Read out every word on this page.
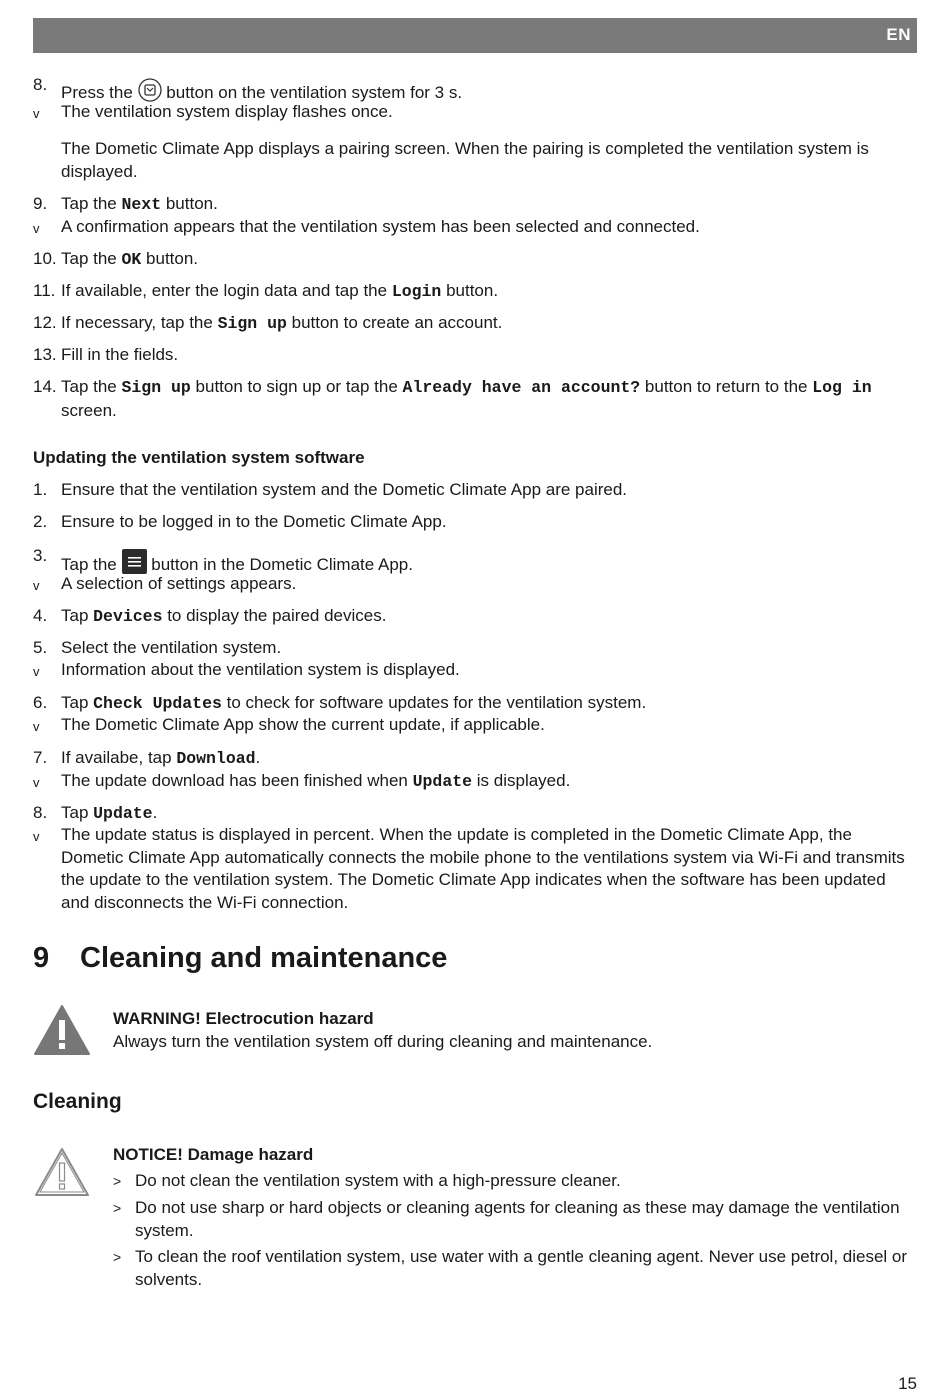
EN
8. Press the button on the ventilation system for 3 s.
v The ventilation system display flashes once.
The Dometic Climate App displays a pairing screen. When the pairing is completed the ventilation system is displayed.
9. Tap the Next button.
v A confirmation appears that the ventilation system has been selected and connected.
10. Tap the OK button.
11. If available, enter the login data and tap the Login button.
12. If necessary, tap the Sign up button to create an account.
13. Fill in the fields.
14. Tap the Sign up button to sign up or tap the Already have an account? button to return to the Log in screen.
Updating the ventilation system software
1. Ensure that the ventilation system and the Dometic Climate App are paired.
2. Ensure to be logged in to the Dometic Climate App.
3. Tap the button in the Dometic Climate App.
v A selection of settings appears.
4. Tap Devices to display the paired devices.
5. Select the ventilation system.
v Information about the ventilation system is displayed.
6. Tap Check Updates to check for software updates for the ventilation system.
v The Dometic Climate App show the current update, if applicable.
7. If availabe, tap Download.
v The update download has been finished when Update is displayed.
8. Tap Update.
v The update status is displayed in percent. When the update is completed in the Dometic Climate App, the Dometic Climate App automatically connects the mobile phone to the ventilations system via Wi-Fi and transmits the update to the ventilation system. The Dometic Climate App indicates when the software has been updated and disconnects the Wi-Fi connection.
9 Cleaning and maintenance
WARNING! Electrocution hazard
Always turn the ventilation system off during cleaning and maintenance.
Cleaning
NOTICE! Damage hazard
> Do not clean the ventilation system with a high-pressure cleaner.
> Do not use sharp or hard objects or cleaning agents for cleaning as these may damage the ventilation system.
> To clean the roof ventilation system, use water with a gentle cleaning agent. Never use petrol, diesel or solvents.
15
